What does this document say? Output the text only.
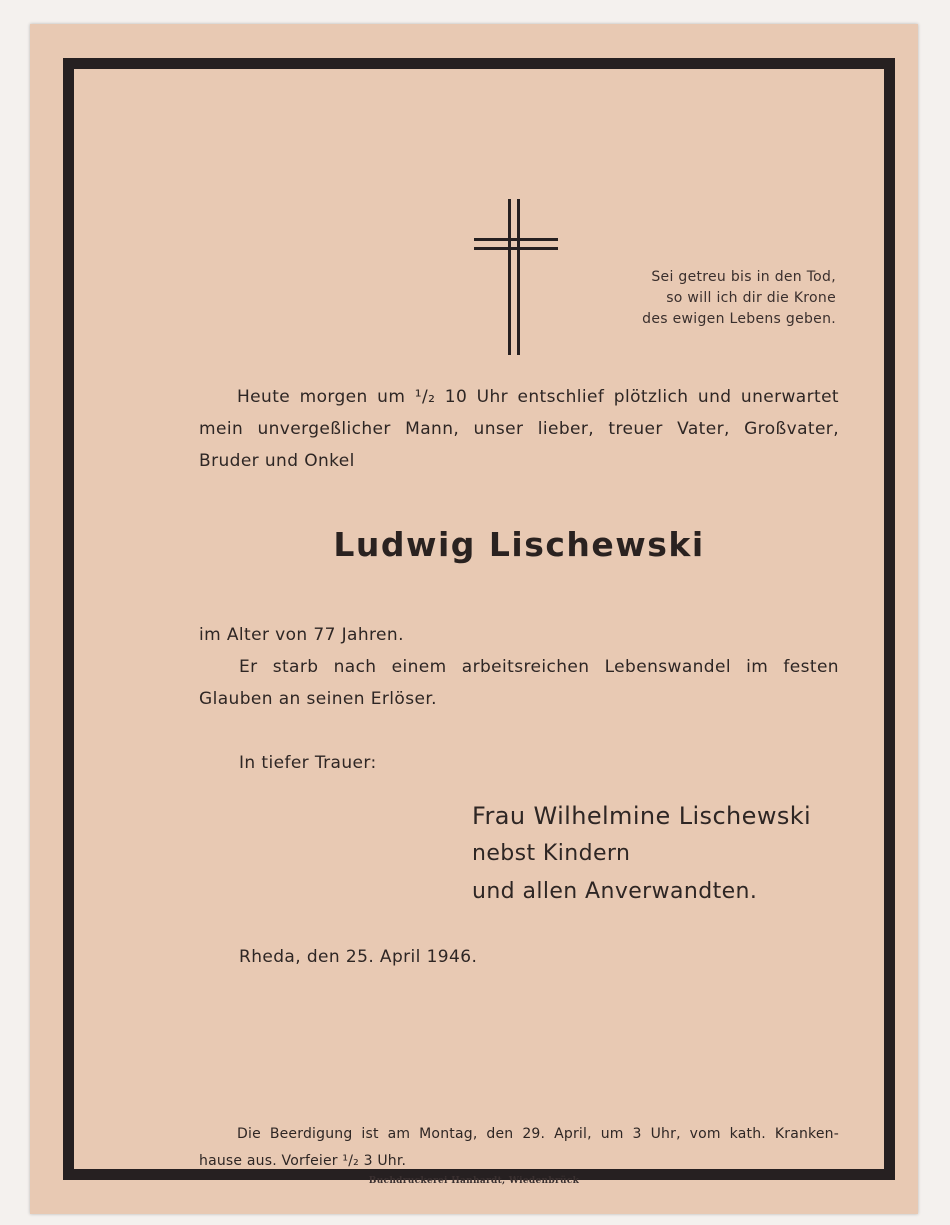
Sei getreu bis in den Tod,
so will ich dir die Krone
des ewigen Lebens geben.
Heute morgen um ¹/₂ 10 Uhr entschlief plötzlich und unerwartet
mein unvergeßlicher Mann, unser lieber, treuer Vater, Großvater,
Bruder und Onkel
Ludwig Lischewski
im Alter von 77 Jahren.
Er starb nach einem arbeitsreichen Lebenswandel im festen
Glauben an seinen Erlöser.
In tiefer Trauer:
Frau Wilhelmine Lischewski
nebst Kindern
und allen Anverwandten.
Rheda, den 25. April 1946.
Die Beerdigung ist am Montag, den 29. April, um 3 Uhr, vom kath. Kranken-
hause aus. Vorfeier ¹/₂ 3 Uhr.
Buchdruckerei Hanhardt, Wiedenbrück
